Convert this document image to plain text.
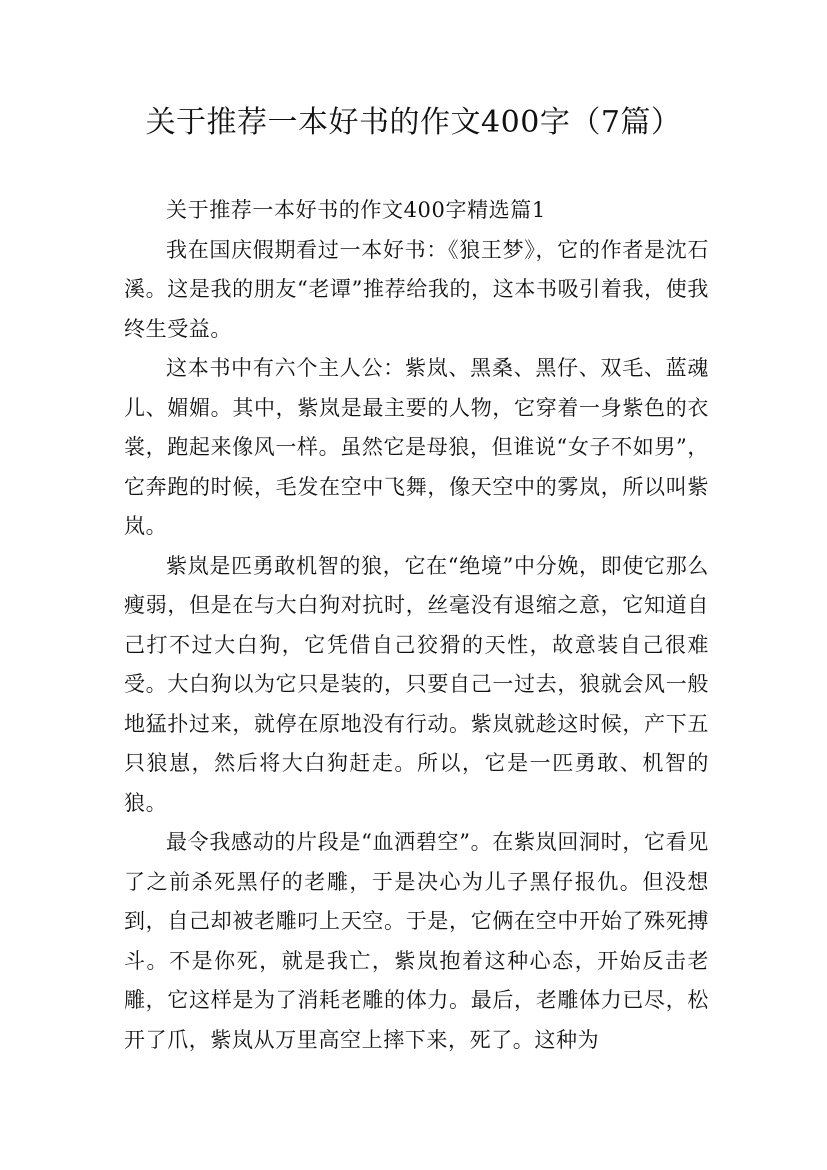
关于推荐一本好书的作文400字（7篇）

关于推荐一本好书的作文400字精选篇1

我在国庆假期看过一本好书：《狼王梦》，它的作者是沈石溪。这是我的朋友“老谭”推荐给我的，这本书吸引着我，使我终生受益。

这本书中有六个主人公：紫岚、黑桑、黑仔、双毛、蓝魂儿、媚媚。其中，紫岚是最主要的人物，它穿着一身紫色的衣裳，跑起来像风一样。虽然它是母狼，但谁说“女子不如男”，它奔跑的时候，毛发在空中飞舞，像天空中的雾岚，所以叫紫岚。

紫岚是匹勇敢机智的狼，它在“绝境”中分娩，即使它那么瘦弱，但是在与大白狗对抗时，丝毫没有退缩之意，它知道自己打不过大白狗，它凭借自己狡猾的天性，故意装自己很难受。大白狗以为它只是装的，只要自己一过去，狼就会风一般地猛扑过来，就停在原地没有行动。紫岚就趁这时候，产下五只狼崽，然后将大白狗赶走。所以，它是一匹勇敢、机智的狼。

最令我感动的片段是“血洒碧空”。在紫岚回洞时，它看见了之前杀死黑仔的老雕，于是决心为儿子黑仔报仇。但没想到，自己却被老雕叼上天空。于是，它俩在空中开始了殊死搏斗。不是你死，就是我亡，紫岚抱着这种心态，开始反击老雕，它这样是为了消耗老雕的体力。最后，老雕体力已尽，松开了爪，紫岚从万里高空上摔下来，死了。这种为
